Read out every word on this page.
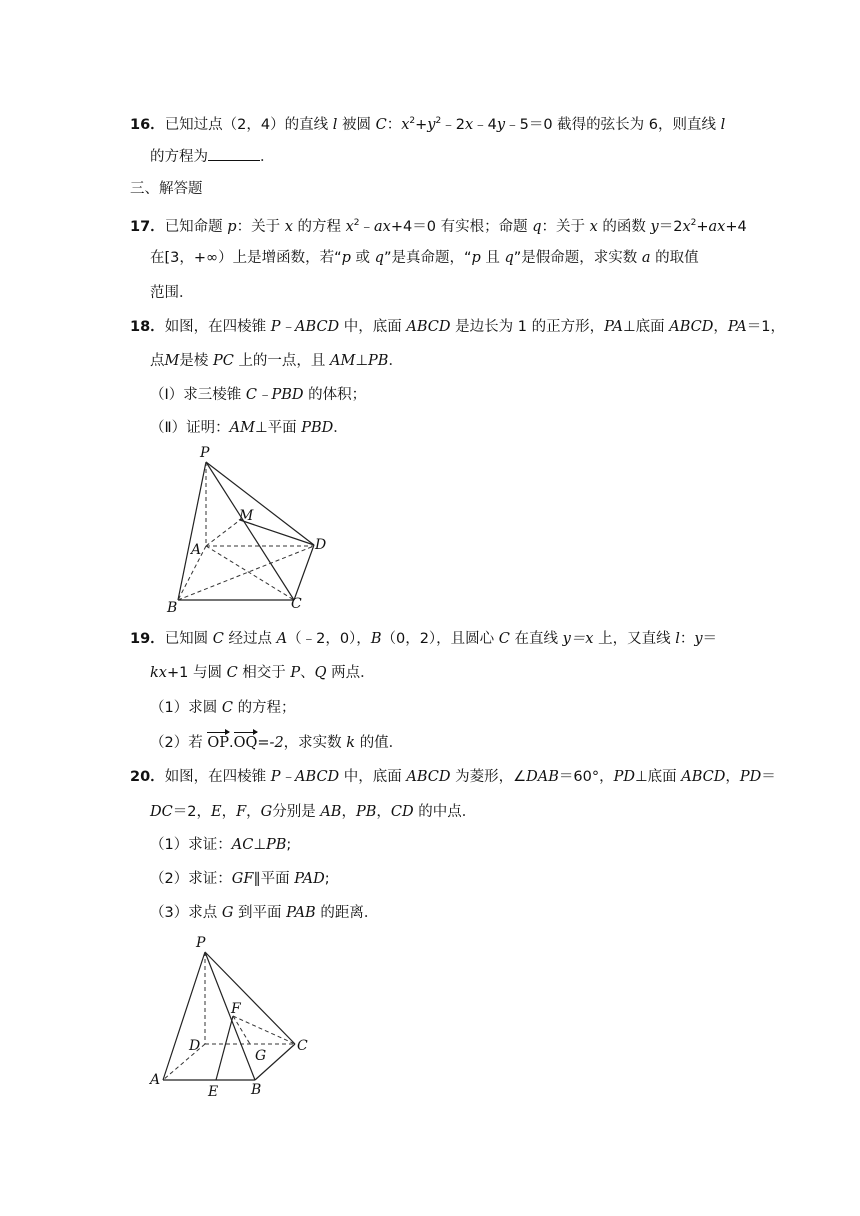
16．已知过点（2，4）的直线 l 被圆 C：$x^2+y^2﹣2x﹣4y﹣5=0$ 截得的弦长为 6，则直线 l
的方程为	．
三、解答题
17．已知命题 p：关于 x 的方程 $x^2﹣ax+4=0$ 有实根；命题 q：关于 x 的函数 $y=2x^2+ax+4$
在[3，+∞）上是增函数，若“p 或 q”是真命题，“p 且 q”是假命题，求实数 a 的取值
范围．
18．如图，在四棱锥 P﹣ABCD 中，底面 ABCD 是边长为 1 的正方形，PA⊥底面 ABCD，PA＝1，
点M是棱 PC 上的一点，且 AM⊥PB．
（Ⅰ）求三棱锥 C﹣PBD 的体积；
（Ⅱ）证明：AM⊥平面 PBD．
P
M
A	D
B	C
19．已知圆 C 经过点 A（﹣2，0），B（0，2），且圆心 C 在直线 y＝x 上，又直线 l：y＝
kx+1 与圆 C 相交于 P、Q 两点．
（1）求圆 C 的方程；
（2）若 OP.OQ=-2，求实数 k 的值．
20．如图，在四棱锥 P﹣ABCD 中，底面 ABCD 为菱形，∠DAB＝60°，PD⊥底面 ABCD，PD＝
DC＝2，E，F，G分别是 AB，PB，CD 的中点．
（1）求证：AC⊥PB;
（2）求证：GF∥平面 PAD;
（3）求点 G 到平面 PAB 的距离．
P
F
D
G
C
A
E B
